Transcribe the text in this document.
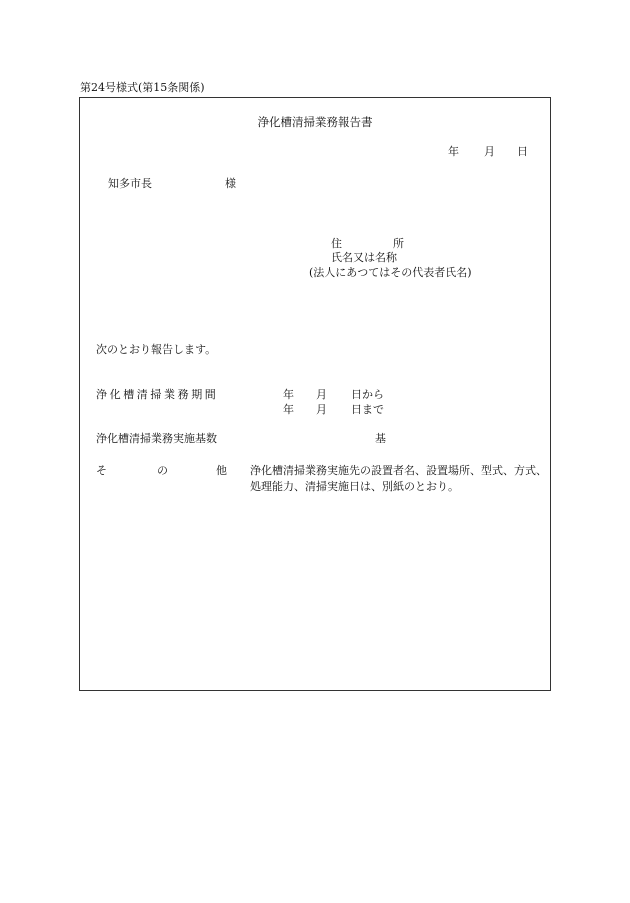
第24号様式(第15条関係)
浄化槽清掃業務報告書
年 月 日
知多市長	様
住	所
氏名又は名称
(法人にあつてはその代表者氏名)
次のとおり報告します。
浄化槽清掃業務期間	年 月 日から
年 月 日まで
浄化槽清掃業務実施基数	基
そ	の	他 浄化槽清掃業務実施先の設置者名、設置場所、型式、方式、
処理能力、清掃実施日は、別紙のとおり。
